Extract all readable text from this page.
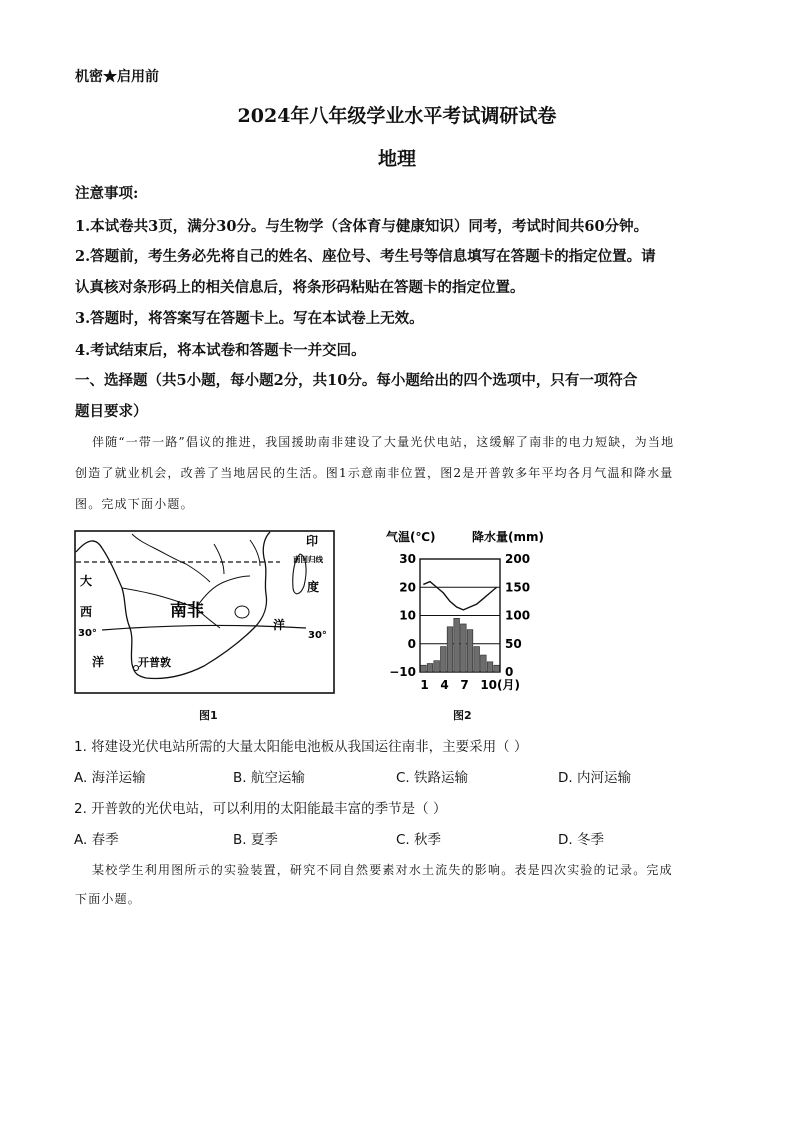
机密★启用前
2024年八年级学业水平考试调研试卷
地理
注意事项:
1.本试卷共3页，满分30分。与生物学（含体育与健康知识）同考，考试时间共60分钟。
2.答题前，考生务必先将自己的姓名、座位号、考生号等信息填写在答题卡的指定位置。请
认真核对条形码上的相关信息后，将条形码粘贴在答题卡的指定位置。
3.答题时，将答案写在答题卡上。写在本试卷上无效。
4.考试结束后，将本试卷和答题卡一并交回。
一、选择题（共5小题，每小题2分，共10分。每小题给出的四个选项中，只有一项符合
题目要求）
伴随“一带一路”倡议的推进，我国援助南非建设了大量光伏电站，这缓解了南非的电力短缺，为当地
创造了就业机会，改善了当地居民的生活。图1示意南非位置，图2是开普敦多年平均各月气温和降水量
图。完成下面小题。
印
南回归线
度
洋
30°
大
西
30°
洋
南非
开普敦
图1
气温(℃)	降水量(mm)
30
20
10
0
−10
200
150
100
50
0
1 4 7 10(月)
图2
1. 将建设光伏电站所需的大量太阳能电池板从我国运往南非，主要采用（ ）
A. 海洋运输	B. 航空运输	C. 铁路运输	D. 内河运输
2. 开普敦的光伏电站，可以利用的太阳能最丰富的季节是（ ）
A. 春季	B. 夏季	C. 秋季	D. 冬季
某校学生利用图所示的实验装置，研究不同自然要素对水土流失的影响。表是四次实验的记录。完成
下面小题。
